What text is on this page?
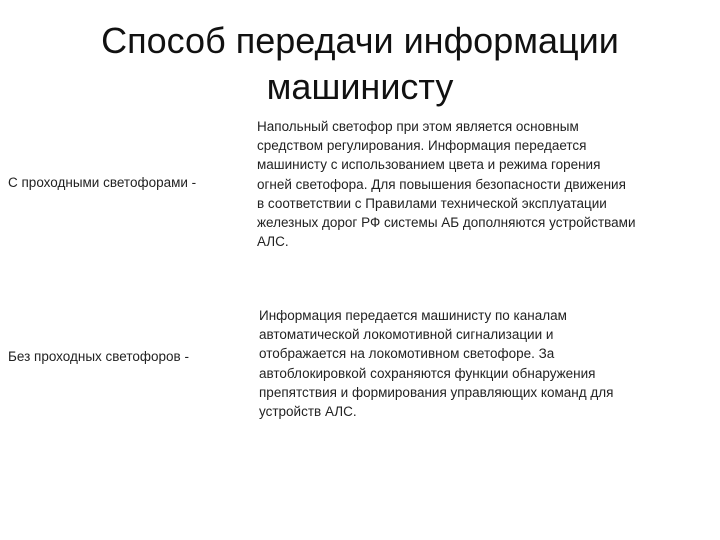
Способ передачи информации
машинисту
С проходными светофорами -
Напольный светофор при этом является основным
средством регулирования. Информация передается
машинисту с использованием цвета и режима горения
огней светофора. Для повышения безопасности движения
в соответствии с Правилами технической эксплуатации
железных дорог РФ системы АБ дополняются устройствами
АЛС.
Без проходных светофоров -
Информация передается машинисту по каналам
автоматической локомотивной сигнализации и
отображается на локомотивном светофоре. За
автоблокировкой сохраняются функции обнаружения
препятствия и формирования управляющих команд для
устройств АЛС.
